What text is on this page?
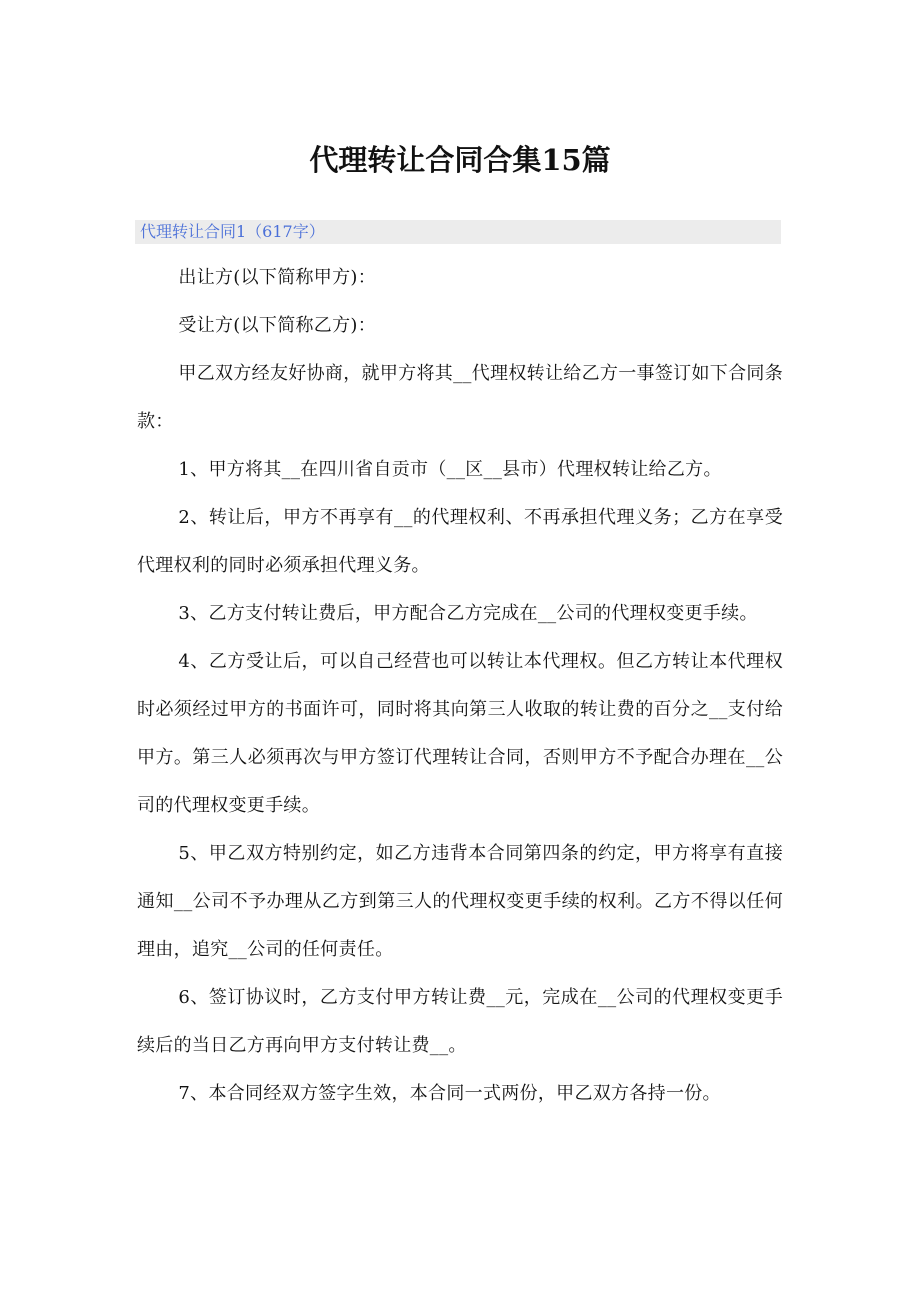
代理转让合同合集15篇
代理转让合同1（617字）

出让方(以下简称甲方)：

受让方(以下简称乙方)：

甲乙双方经友好协商，就甲方将其__代理权转让给乙方一事签订如下合同条款：

1、甲方将其__在四川省自贡市（__区__县市）代理权转让给乙方。

2、转让后，甲方不再享有__的代理权利、不再承担代理义务；乙方在享受代理权利的同时必须承担代理义务。

3、乙方支付转让费后，甲方配合乙方完成在__公司的代理权变更手续。

4、乙方受让后，可以自己经营也可以转让本代理权。但乙方转让本代理权时必须经过甲方的书面许可，同时将其向第三人收取的转让费的百分之__支付给甲方。第三人必须再次与甲方签订代理转让合同，否则甲方不予配合办理在__公司的代理权变更手续。

5、甲乙双方特别约定，如乙方违背本合同第四条的约定，甲方将享有直接通知__公司不予办理从乙方到第三人的代理权变更手续的权利。乙方不得以任何理由，追究__公司的任何责任。

6、签订协议时，乙方支付甲方转让费__元，完成在__公司的代理权变更手续后的当日乙方再向甲方支付转让费__。

7、本合同经双方签字生效，本合同一式两份，甲乙双方各持一份。
